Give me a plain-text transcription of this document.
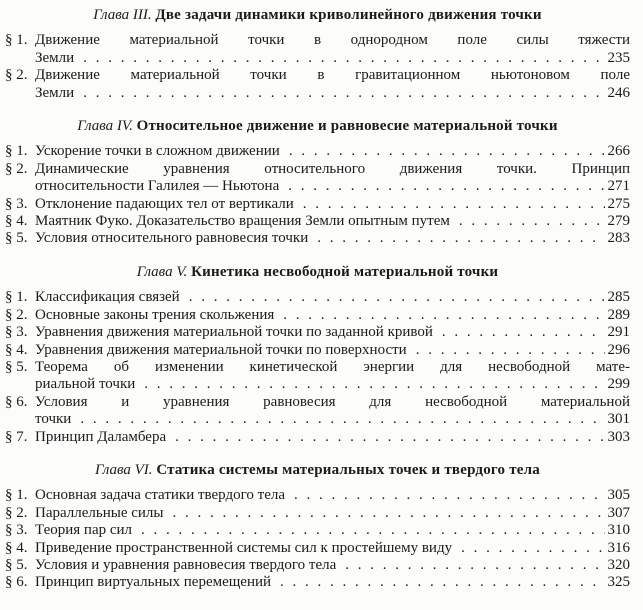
Глава III. Две задачи динамики криволинейного движения точки
§ 1. Движение материальной точки в однородном поле силы тяжести
Земли . . .	235
§ 2. Движение материальной точки в гравитационном ньютоновом поле
Земли . . .	246
Глава IV. Относительное движение и равновесие материальной точки
§ 1. Ускорение точки в сложном движении . . .	266
§ 2. Динамические уравнения относительного движения точки. Принцип
относительности Галилея — Ньютона . . .	271
§ 3. Отклонение падающих тел от вертикали . . .	275
§ 4. Маятник Фуко. Доказательство вращения Земли опытным путем . . .	279
§ 5. Условия относительного равновесия точки . . .	283
Глава V. Кинетика несвободной материальной точки
§ 1. Классификация связей . . .	285
§ 2. Основные законы трения скольжения . . .	289
§ 3. Уравнения движения материальной точки по заданной кривой . . .	291
§ 4. Уравнения движения материальной точки по поверхности . . .	296
§ 5. Теорема об изменении кинетической энергии для несвободной мате-
риальной точки . . .	299
§ 6. Условия и уравнения равновесия для несвободной материальной
точки . . .	301
§ 7. Принцип Даламбера . . .	303
Глава VI. Статика системы материальных точек и твердого тела
§ 1. Основная задача статики твердого тела . . .	305
§ 2. Параллельные силы . . .	307
§ 3. Теория пар сил . . .	310
§ 4. Приведение пространственной системы сил к простейшему виду . . .	316
§ 5. Условия и уравнения равновесия твердого тела . . .	320
§ 6. Принцип виртуальных перемещений . . .	325
